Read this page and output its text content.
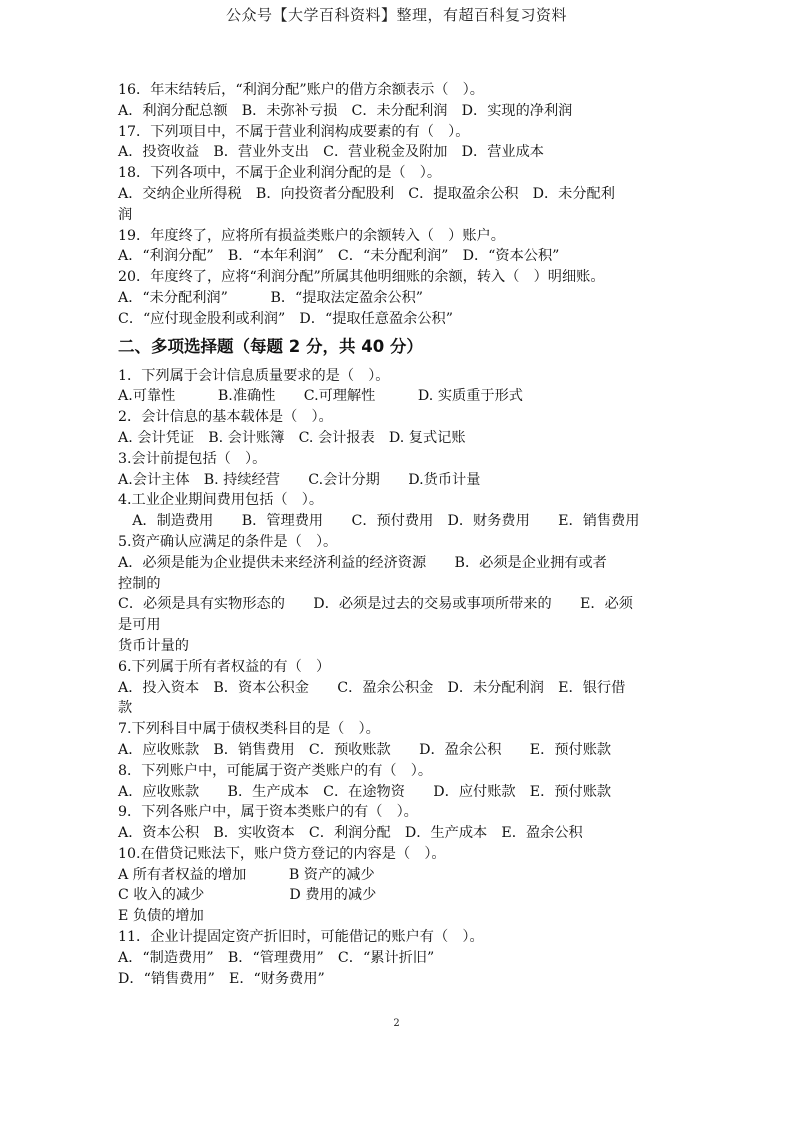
公众号【大学百科资料】整理，有超百科复习资料

16．年末结转后，“利润分配”账户的借方余额表示（　）。

A．利润分配总额　B．未弥补亏损　C．未分配利润　D．实现的净利润

17．下列项目中，不属于营业利润构成要素的有（　）。

A．投资收益　B．营业外支出　C．营业税金及附加　D．营业成本

18．下列各项中，不属于企业利润分配的是（　）。

A．交纳企业所得税　B．向投资者分配股利　C．提取盈余公积　D．未分配利

润

19．年度终了，应将所有损益类账户的余额转入（　）账户。

A．“利润分配”　B．“本年利润”　C．“未分配利润”　D．“资本公积”

20．年度终了，应将“利润分配”所属其他明细账的余额，转入（　）明细账。

A．“未分配利润”　　　B．“提取法定盈余公积”

C．“应付现金股利或利润”　D．“提取任意盈余公积”

二、多项选择题（每题 2 分，共 40 分）

1．下列属于会计信息质量要求的是（　）。

A.可靠性　　　B.准确性　　C.可理解性　　　D. 实质重于形式

2．会计信息的基本载体是（　）。

A. 会计凭证　B. 会计账簿　C. 会计报表　D. 复式记账

3.会计前提包括（　）。

A.会计主体　B. 持续经营　　C.会计分期　　D.货币计量

4.工业企业期间费用包括（　）。

　A．制造费用　　B．管理费用　　C．预付费用　D．财务费用　　E．销售费用

5.资产确认应满足的条件是（　）。

A．必须是能为企业提供未来经济利益的经济资源　　B．必须是企业拥有或者

控制的

C．必须是具有实物形态的　　D．必须是过去的交易或事项所带来的　　E．必须

是可用

货币计量的

6.下列属于所有者权益的有（　）

A．投入资本　B．资本公积金　　C．盈余公积金　D．未分配利润　E．银行借

款

7.下列科目中属于债权类科目的是（　）。

A．应收账款　B．销售费用　C．预收账款　　D．盈余公积　　E．预付账款

8．下列账户中，可能属于资产类账户的有（　）。

A．应收账款　　B．生产成本　C．在途物资　　D．应付账款　E．预付账款

9．下列各账户中，属于资本类账户的有（　）。

A．资本公积　B．实收资本　C．利润分配　D．生产成本　E．盈余公积

10.在借贷记账法下，账户贷方登记的内容是（　）。

A 所有者权益的增加　　　B 资产的减少

C 收入的减少　　　　　　D 费用的减少

E 负债的增加

11．企业计提固定资产折旧时，可能借记的账户有（　）。

A．“制造费用”　B．“管理费用”　C．“累计折旧”

D．“销售费用”　E．“财务费用”

2
